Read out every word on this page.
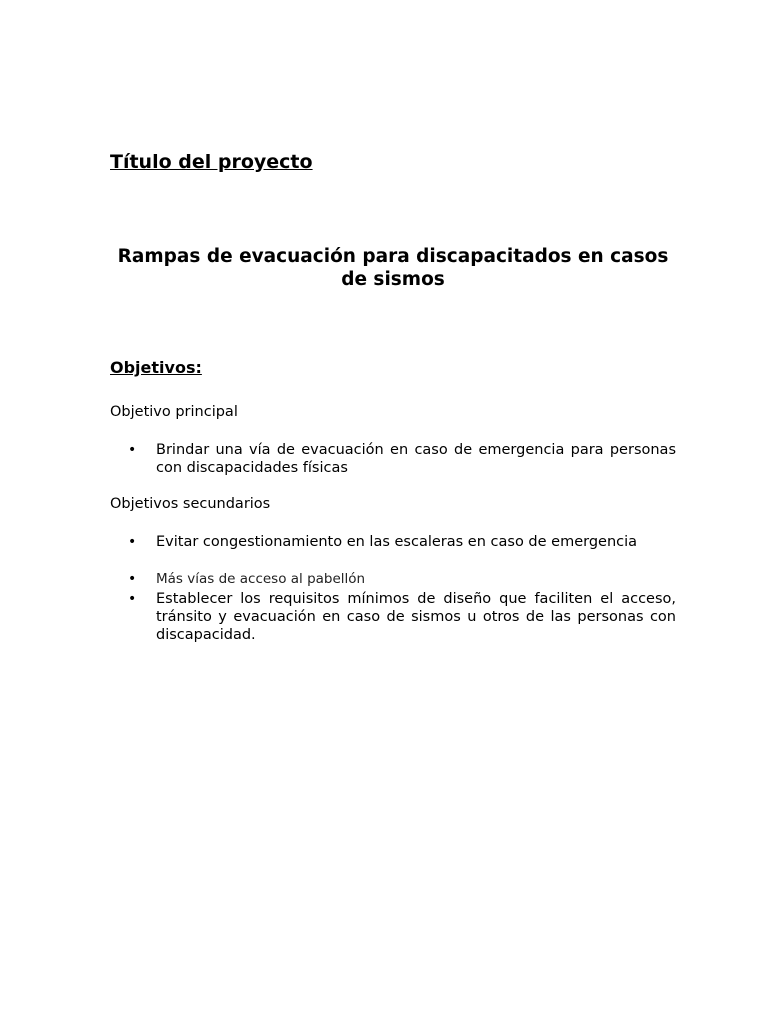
Título del proyecto
Rampas de evacuación para discapacitados en casos de sismos
Objetivos:

Objetivo principal

•	Brindar una vía de evacuación en caso de emergencia para personas con discapacidades físicas

Objetivos secundarios

•	Evitar congestionamiento en las escaleras en caso de emergencia
•	Más vías de acceso al pabellón
•	Establecer los requisitos mínimos de diseño que faciliten el acceso, tránsito y evacuación en caso de sismos u otros de las personas con discapacidad.
